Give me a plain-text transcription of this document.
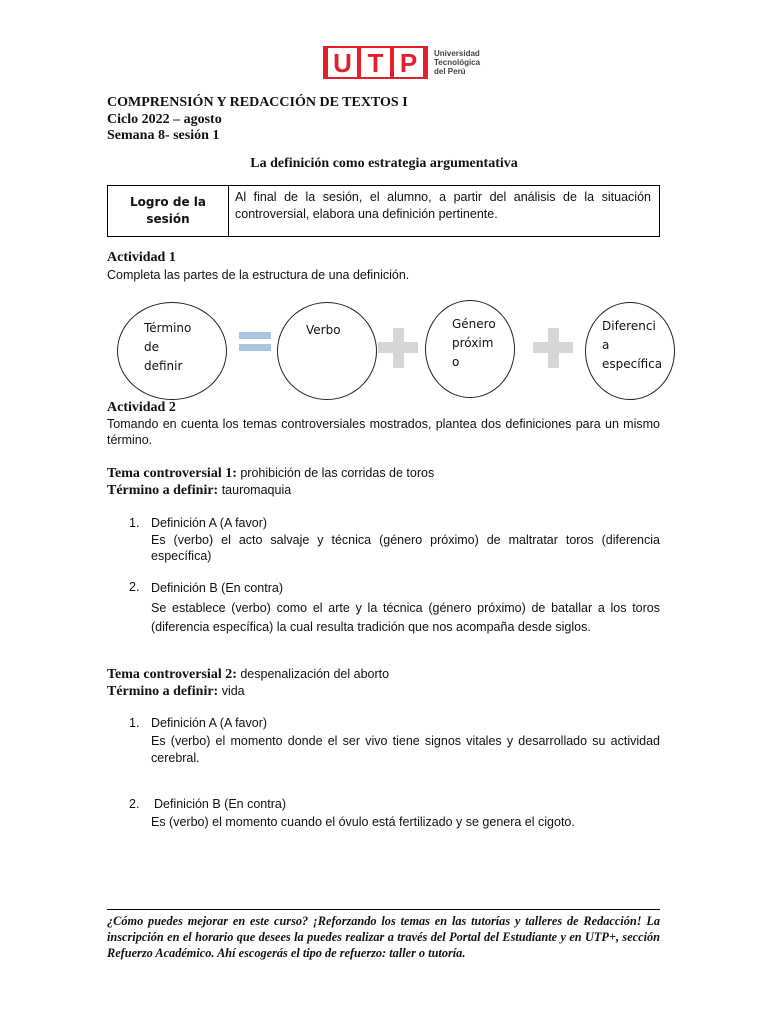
U T P	Universidad
Tecnológica
del Perú
COMPRENSIÓN Y REDACCIÓN DE TEXTOS I
Ciclo 2022 – agosto
Semana 8- sesión 1
La definición como estrategia argumentativa
Logro de la sesión	Al final de la sesión, el alumno, a partir del análisis de la situación controversial, elabora una definición pertinente.
Actividad 1
Completa las partes de la estructura de una definición.
Término
de
definir
Verbo	Género
próxim
o
Diferenci
a
específica
Actividad 2
Tomando en cuenta los temas controversiales mostrados, plantea dos definiciones para un mismo término.
Tema controversial 1: prohibición de las corridas de toros
Término a definir: tauromaquia
1. Definición A (A favor)
Es (verbo) el acto salvaje y técnica (género próximo) de maltratar toros (diferencia específica)
2. Definición B (En contra)
Se establece (verbo) como el arte y la técnica (género próximo) de batallar a los toros (diferencia específica) la cual resulta tradición que nos acompaña desde siglos.
Tema controversial 2: despenalización del aborto
Término a definir: vida
1. Definición A (A favor)
Es (verbo) el momento donde el ser vivo tiene signos vitales y desarrollado su actividad cerebral.
2. Definición B (En contra)
Es (verbo) el momento cuando el óvulo está fertilizado y se genera el cigoto.
¿Cómo puedes mejorar en este curso? ¡Reforzando los temas en las tutorías y talleres de Redacción! La inscripción en el horario que desees la puedes realizar a través del Portal del Estudiante y en UTP+, sección Refuerzo Académico. Ahí escogerás el tipo de refuerzo: taller o tutoría.
